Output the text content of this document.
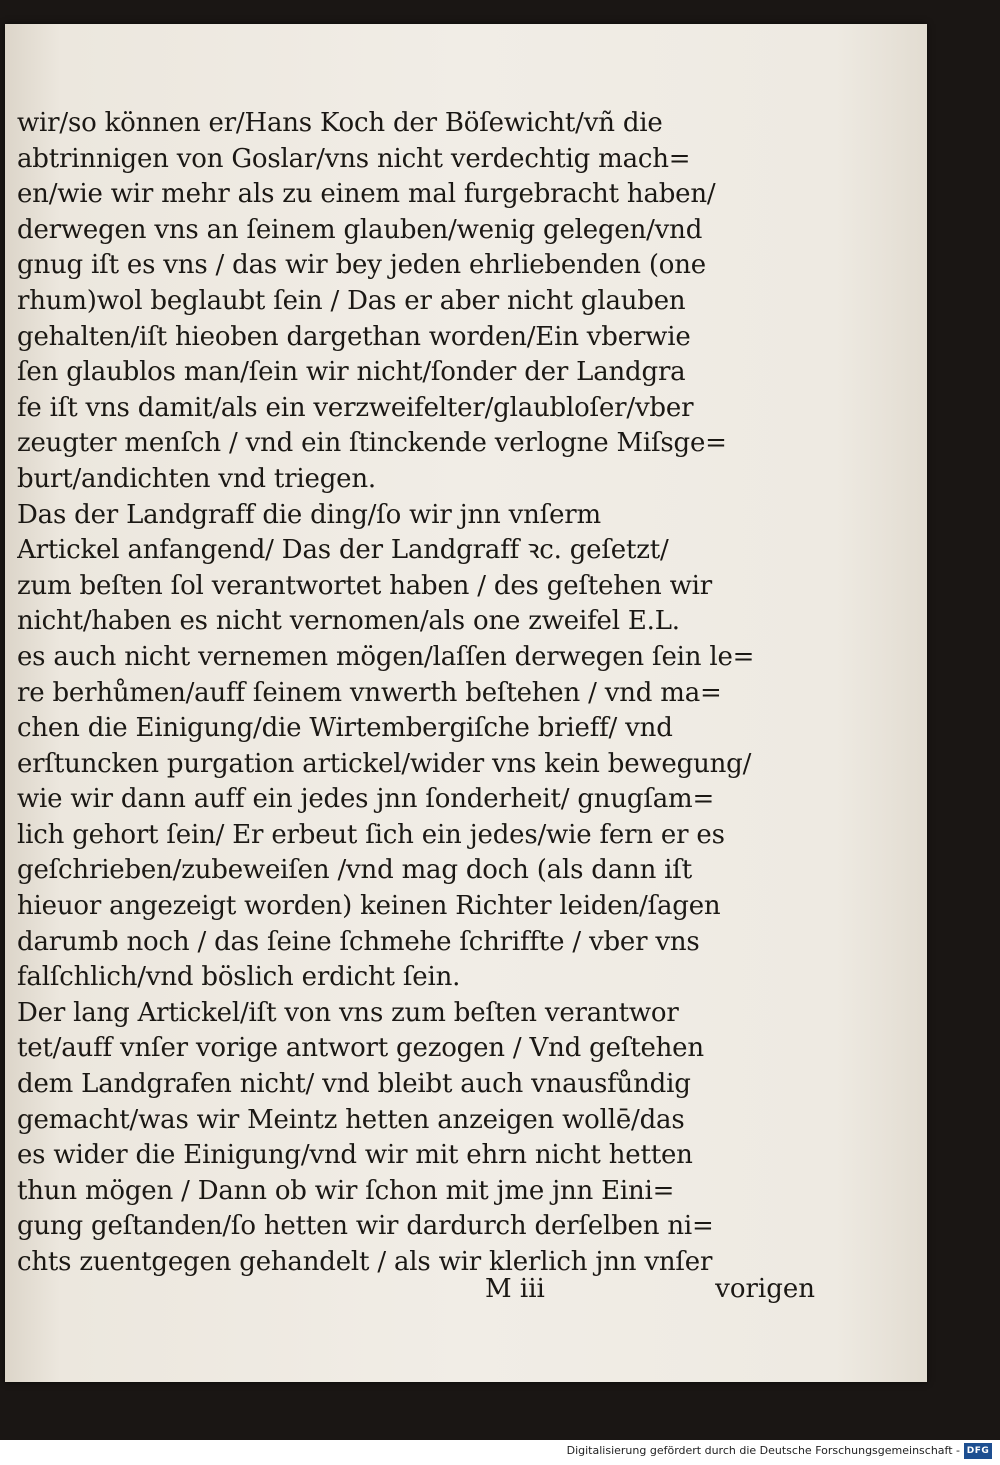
wir/so können er/Hans Koch der Böſewicht/vñ die
abtrinnigen von Goslar/vns nicht verdechtig mach=
en/wie wir mehr als zu einem mal furgebracht haben/
derwegen vns an ſeinem glauben/wenig gelegen/vnd
gnug iſt es vns / das wir bey jeden ehrliebenden (one
rhum)wol beglaubt ſein / Das er aber nicht glauben
gehalten/iſt hieoben dargethan worden/Ein vberwie
ſen glaublos man/ſein wir nicht/ſonder der Landgra
fe iſt vns damit/als ein verzweifelter/glaubloſer/vber
zeugter menſch / vnd ein ſtinckende verlogne Miſsge=
burt/andichten vnd triegen.
Das der Landgraff die ding/ſo wir jnn vnſerm
Artickel anfangend/ Das der Landgraff ꝛc. geſetzt/
zum beſten ſol verantwortet haben / des geſtehen wir
nicht/haben es nicht vernomen/als one zweifel E.L.
es auch nicht vernemen mögen/laſſen derwegen ſein le=
re berhůmen/auff ſeinem vnwerth beſtehen / vnd ma=
chen die Einigung/die Wirtembergiſche brieff/ vnd
erſtuncken purgation artickel/wider vns kein bewegung/
wie wir dann auff ein jedes jnn ſonderheit/ gnugſam=
lich gehort ſein/ Er erbeut ſich ein jedes/wie fern er es
geſchrieben/zubeweiſen /vnd mag doch (als dann iſt
hieuor angezeigt worden) keinen Richter leiden/ſagen
darumb noch / das ſeine ſchmehe ſchriffte / vber vns
falſchlich/vnd böslich erdicht ſein.
Der lang Artickel/iſt von vns zum beſten verantwor
tet/auff vnſer vorige antwort gezogen / Vnd geſtehen
dem Landgrafen nicht/ vnd bleibt auch vnausfůndig
gemacht/was wir Meintz hetten anzeigen wollē/das
es wider die Einigung/vnd wir mit ehrn nicht hetten
thun mögen / Dann ob wir ſchon mit jme jnn Eini=
gung geſtanden/ſo hetten wir dardurch derſelben ni=
chts zuentgegen gehandelt / als wir klerlich jnn vnſer
M iii	vorigen
Digitalisierung gefördert durch die Deutsche Forschungsgemeinschaft - DFG
